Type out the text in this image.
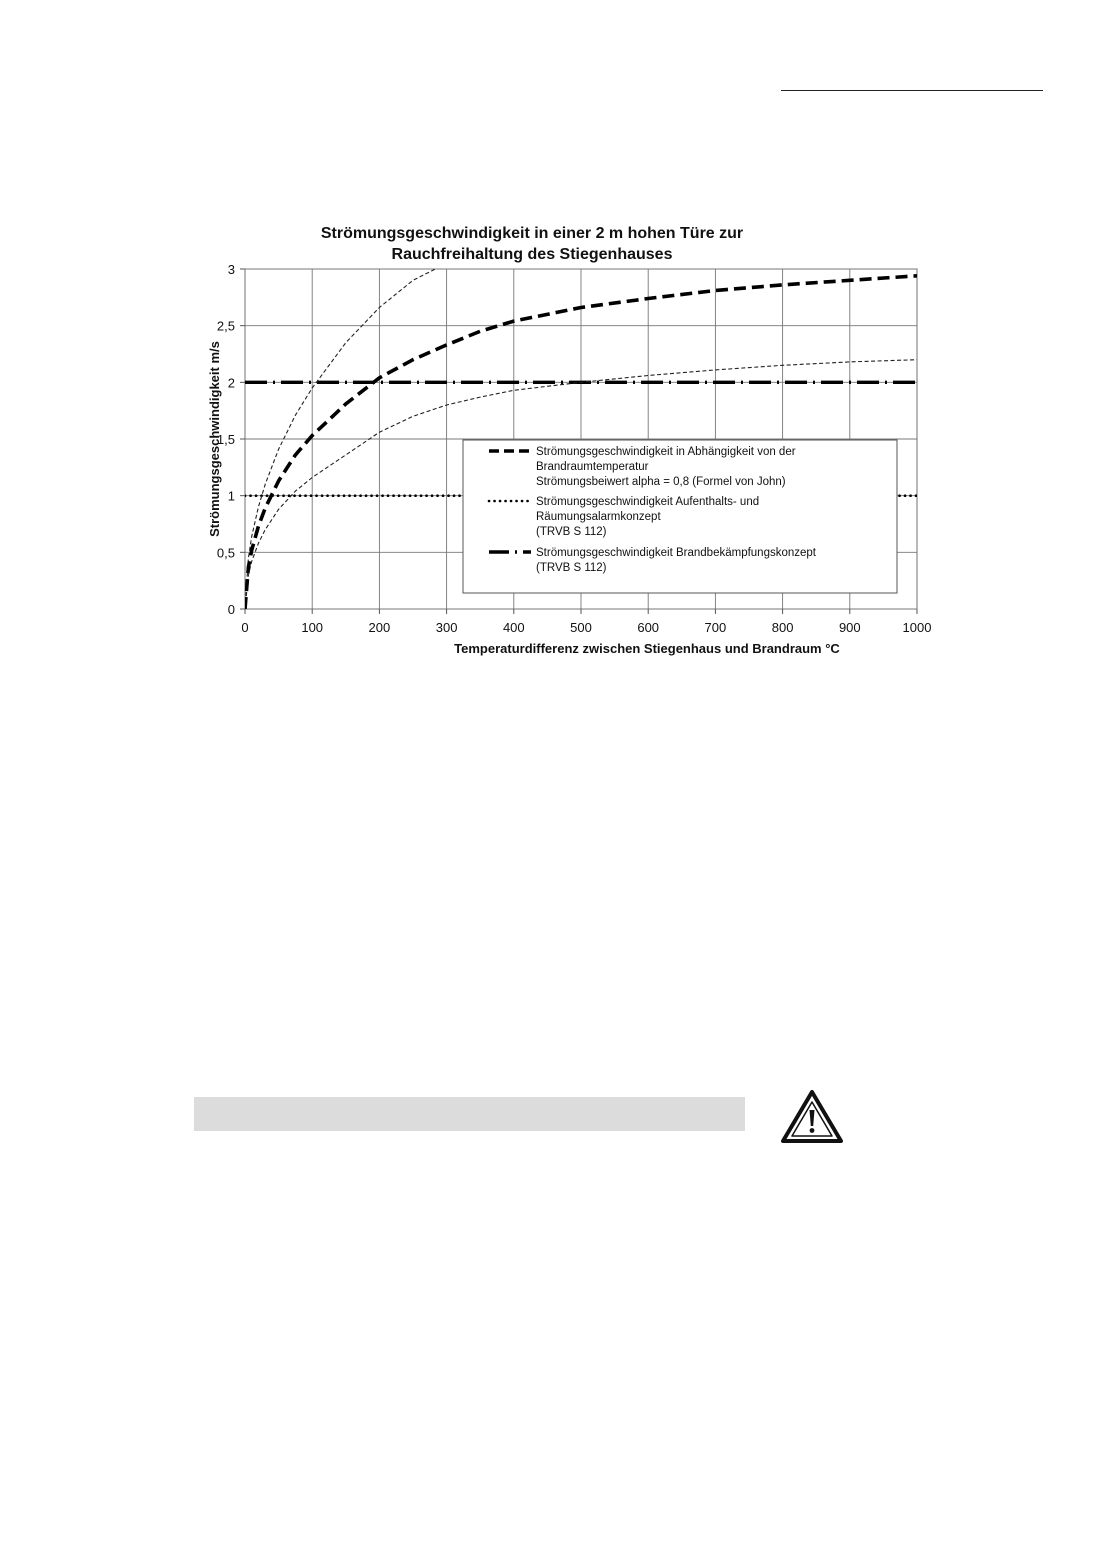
Strömungsgeschwindigkeit in einer 2 m hohen Türe zur
Rauchfreihaltung des Stiegenhauses
0	100	200	300	400	500	600	700	800	900	1000
0
0,5
1
1,5
2
2,5
3
Strömungsgeschwindigkeit in Abhängigkeit von der
Brandraumtemperatur
Strömungsbeiwert alpha = 0,8 (Formel von John)
Strömungsgeschwindigkeit Aufenthalts- und
Räumungsalarmkonzept
(TRVB S 112)
Strömungsgeschwindigkeit Brandbekämpfungskonzept
(TRVB S 112)
Temperaturdifferenz zwischen Stiegenhaus und Brandraum °C
Strömungsgeschwindigkeit m/s
